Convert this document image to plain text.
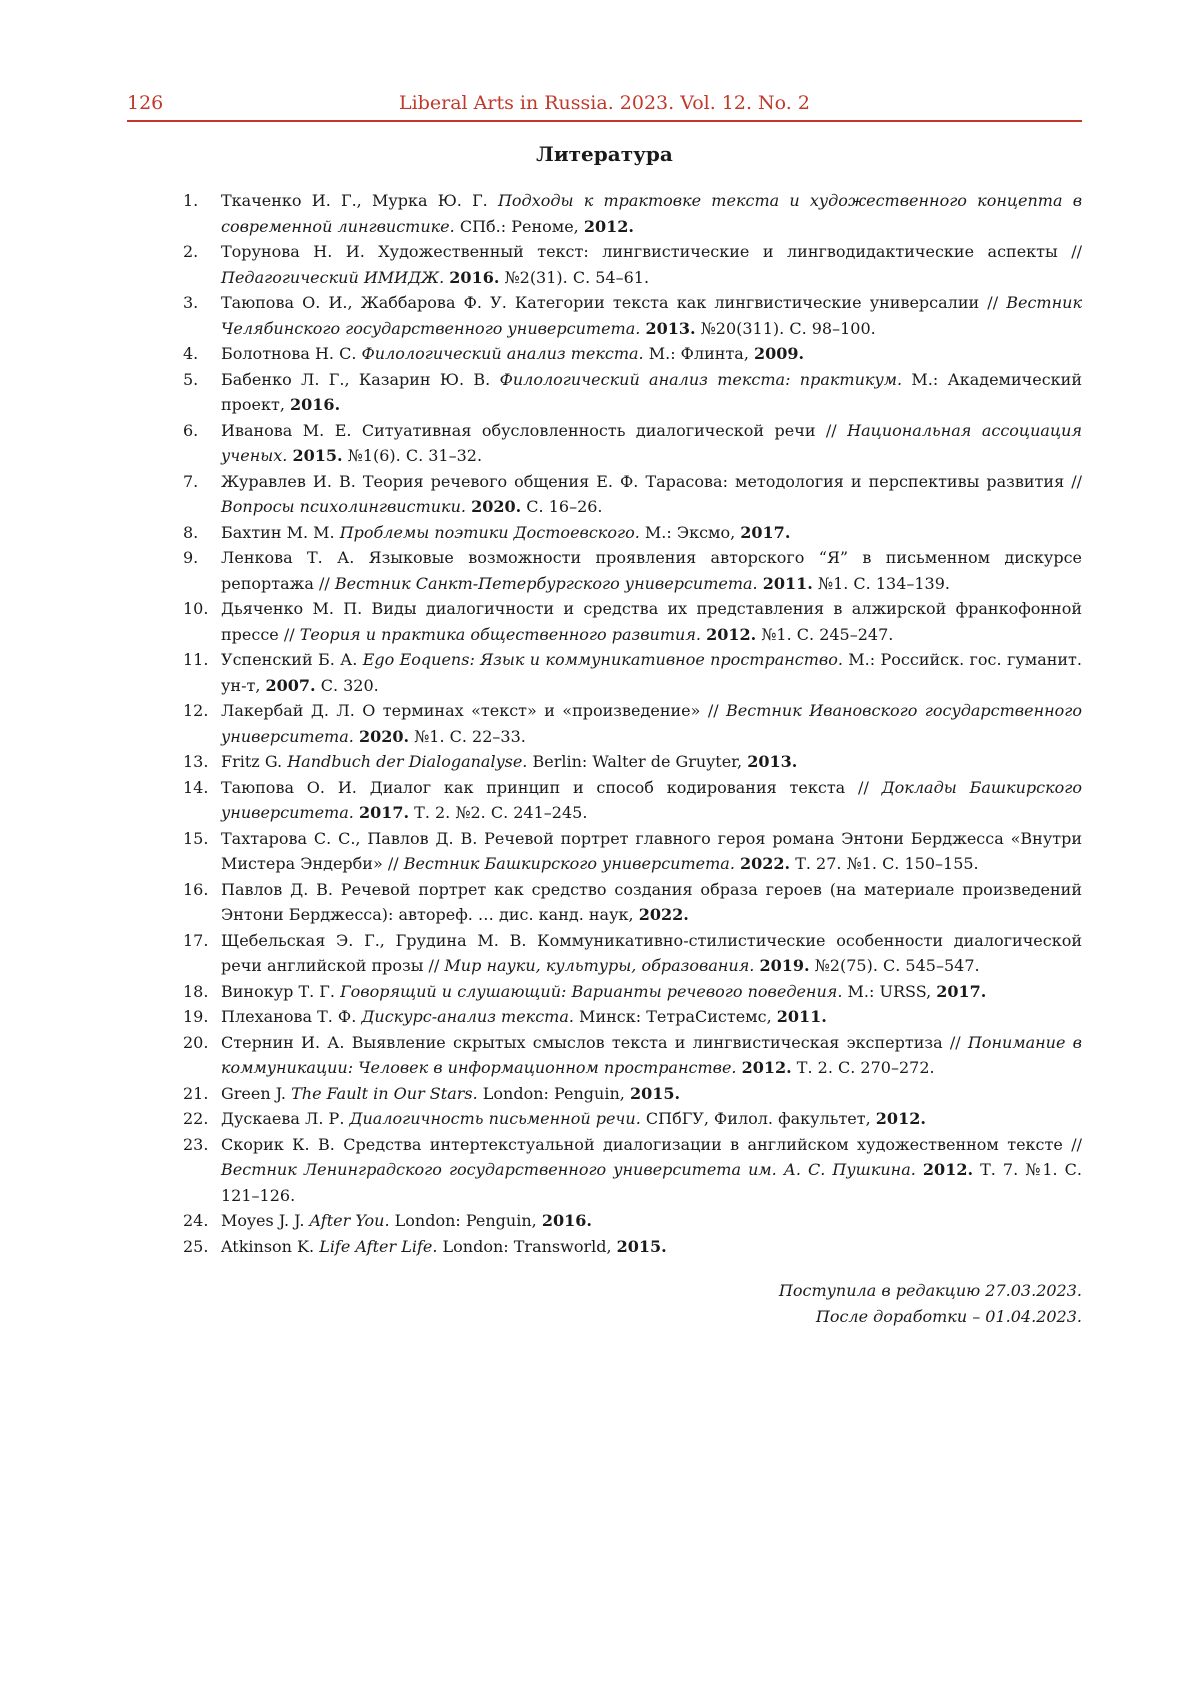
126	Liberal Arts in Russia. 2023. Vol. 12. No. 2
Литература
1. Ткаченко И. Г., Мурка Ю. Г. Подходы к трактовке текста и художественного концепта в современной лингвистике. СПб.: Реноме, 2012.
2. Торунова Н. И. Художественный текст: лингвистические и лингводидактические аспекты // Педагогический ИМИДЖ. 2016. №2(31). С. 54–61.
3. Таюпова О. И., Жаббарова Ф. У. Категории текста как лингвистические универсалии // Вестник Челябинского государственного университета. 2013. №20(311). С. 98–100.
4. Болотнова Н. С. Филологический анализ текста. М.: Флинта, 2009.
5. Бабенко Л. Г., Казарин Ю. В. Филологический анализ текста: практикум. М.: Академический проект, 2016.
6. Иванова М. Е. Ситуативная обусловленность диалогической речи // Национальная ассоциация ученых. 2015. №1(6). С. 31–32.
7. Журавлев И. В. Теория речевого общения Е. Ф. Тарасова: методология и перспективы развития // Вопросы психолингвистики. 2020. С. 16–26.
8. Бахтин М. М. Проблемы поэтики Достоевского. М.: Эксмо, 2017.
9. Ленкова Т. А. Языковые возможности проявления авторского “Я” в письменном дискурсе репортажа // Вестник Санкт-Петербургского университета. 2011. №1. С. 134–139.
10. Дьяченко М. П. Виды диалогичности и средства их представления в алжирской франкофонной прессе // Теория и практика общественного развития. 2012. №1. С. 245–247.
11. Успенский Б. А. Ego Eoquens: Язык и коммуникативное пространство. М.: Российск. гос. гуманит. ун-т, 2007. С. 320.
12. Лакербай Д. Л. О терминах «текст» и «произведение» // Вестник Ивановского государственного университета. 2020. №1. С. 22–33.
13. Fritz G. Handbuch der Dialoganalyse. Berlin: Walter de Gruyter, 2013.
14. Таюпова О. И. Диалог как принцип и способ кодирования текста // Доклады Башкирского университета. 2017. Т. 2. №2. С. 241–245.
15. Тахтарова С. С., Павлов Д. В. Речевой портрет главного героя романа Энтони Берджесса «Внутри Мистера Эндерби» // Вестник Башкирского университета. 2022. Т. 27. №1. С. 150–155.
16. Павлов Д. В. Речевой портрет как средство создания образа героев (на материале произведений Энтони Берджесса): автореф. … дис. канд. наук, 2022.
17. Щебельская Э. Г., Грудина М. В. Коммуникативно-стилистические особенности диалогической речи английской прозы // Мир науки, культуры, образования. 2019. №2(75). С. 545–547.
18. Винокур Т. Г. Говорящий и слушающий: Варианты речевого поведения. М.: URSS, 2017.
19. Плеханова Т. Ф. Дискурс-анализ текста. Минск: ТетраСистемс, 2011.
20. Стернин И. А. Выявление скрытых смыслов текста и лингвистическая экспертиза // Понимание в коммуникации: Человек в информационном пространстве. 2012. Т. 2. С. 270–272.
21. Green J. The Fault in Our Stars. London: Penguin, 2015.
22. Дускаева Л. Р. Диалогичность письменной речи. СПбГУ, Филол. факультет, 2012.
23. Скорик К. В. Средства интертекстуальной диалогизации в английском художественном тексте // Вестник Ленинградского государственного университета им. А. С. Пушкина. 2012. Т. 7. №1. С. 121–126.
24. Moyes J. J. After You. London: Penguin, 2016.
25. Atkinson K. Life After Life. London: Transworld, 2015.
Поступила в редакцию 27.03.2023.
После доработки – 01.04.2023.
